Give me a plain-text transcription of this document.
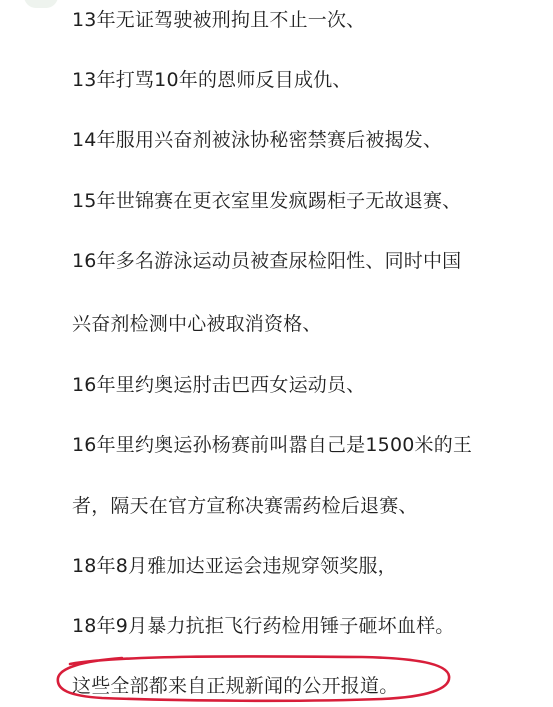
13年无证驾驶被刑拘且不止一次、
13年打骂10年的恩师反目成仇、
14年服用兴奋剂被泳协秘密禁赛后被揭发、
15年世锦赛在更衣室里发疯踢柜子无故退赛、
16年多名游泳运动员被查尿检阳性、同时中国
兴奋剂检测中心被取消资格、
16年里约奥运肘击巴西女运动员、
16年里约奥运孙杨赛前叫嚣自己是1500米的王
者，隔天在官方宣称决赛需药检后退赛、
18年8月雅加达亚运会违规穿领奖服，
18年9月暴力抗拒飞行药检用锤子砸坏血样。
这些全部都来自正规新闻的公开报道。
